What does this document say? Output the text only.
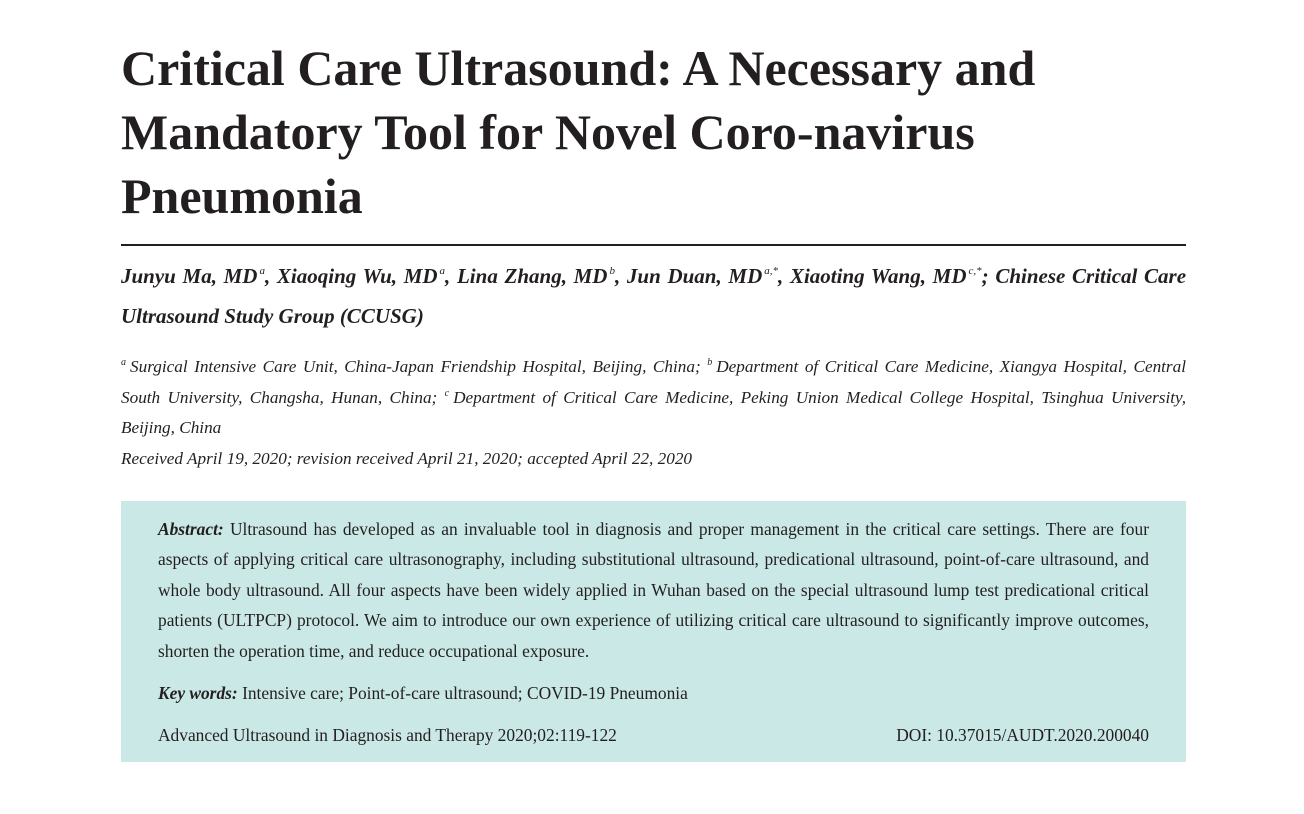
Critical Care Ultrasound: A Necessary and Mandatory Tool for Novel Coro-navirus Pneumonia
Junyu Ma, MD $^a$, Xiaoqing Wu, MD $^a$, Lina Zhang, MD $^b$, Jun Duan, MD $^{a,*}$, Xiaoting Wang, MD $^{c,*}$; Chinese Critical Care Ultrasound Study Group (CCUSG)
$^a$ Surgical Intensive Care Unit, China-Japan Friendship Hospital, Beijing, China; $^b$ Department of Critical Care Medicine, Xiangya Hospital, Central South University, Changsha, Hunan, China; $^c$ Department of Critical Care Medicine, Peking Union Medical College Hospital, Tsinghua University, Beijing, China
Received April 19, 2020; revision received April 21, 2020; accepted April 22, 2020
Abstract: Ultrasound has developed as an invaluable tool in diagnosis and proper management in the critical care settings. There are four aspects of applying critical care ultrasonography, including substitutional ultrasound, predicational ultrasound, point-of-care ultrasound, and whole body ultrasound. All four aspects have been widely applied in Wuhan based on the special ultrasound lump test predicational critical patients (ULTPCP) protocol. We aim to introduce our own experience of utilizing critical care ultrasound to significantly improve outcomes, shorten the operation time, and reduce occupational exposure.
Key words: Intensive care; Point-of-care ultrasound; COVID-19 Pneumonia
Advanced Ultrasound in Diagnosis and Therapy 2020;02:119-122	DOI: 10.37015/AUDT.2020.200040
